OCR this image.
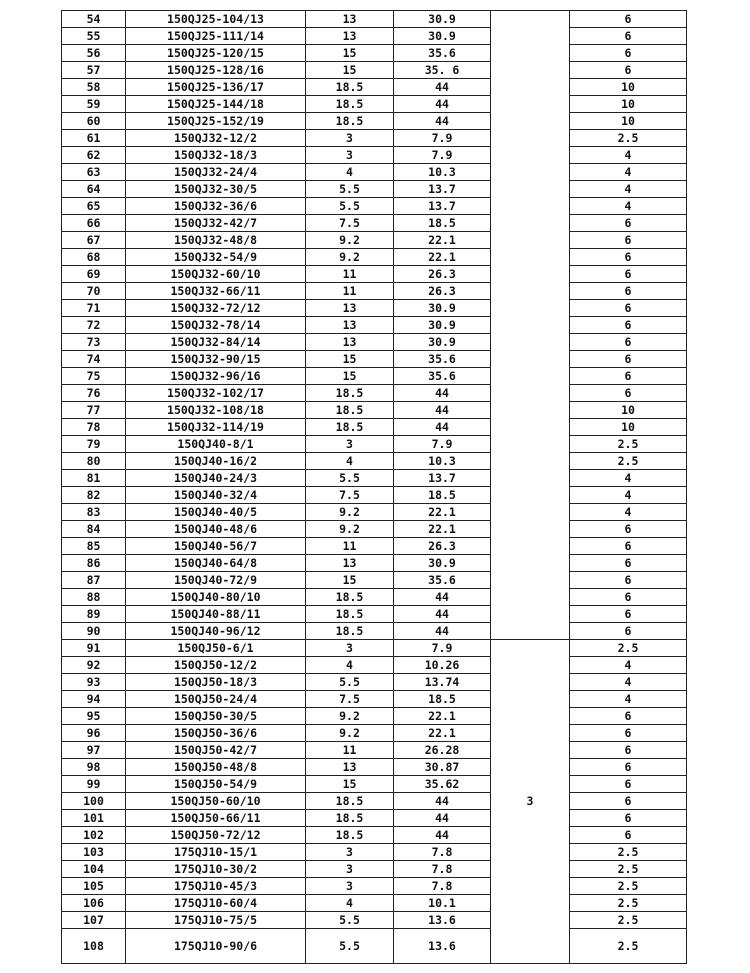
54	150QJ25-104/13	13	30.9		6
55	150QJ25-111/14	13	30.9		6
56	150QJ25-120/15	15	35.6		6
57	150QJ25-128/16	15	35. 6		6
58	150QJ25-136/17	18.5	44		10
59	150QJ25-144/18	18.5	44		10
60	150QJ25-152/19	18.5	44		10
61	150QJ32-12/2	3	7.9		2.5
62	150QJ32-18/3	3	7.9		4
63	150QJ32-24/4	4	10.3		4
64	150QJ32-30/5	5.5	13.7		4
65	150QJ32-36/6	5.5	13.7		4
66	150QJ32-42/7	7.5	18.5		6
67	150QJ32-48/8	9.2	22.1		6
68	150QJ32-54/9	9.2	22.1		6
69	150QJ32-60/10	11	26.3		6
70	150QJ32-66/11	11	26.3		6
71	150QJ32-72/12	13	30.9		6
72	150QJ32-78/14	13	30.9		6
73	150QJ32-84/14	13	30.9		6
74	150QJ32-90/15	15	35.6		6
75	150QJ32-96/16	15	35.6		6
76	150QJ32-102/17	18.5	44		6
77	150QJ32-108/18	18.5	44		10
78	150QJ32-114/19	18.5	44		10
79	150QJ40-8/1	3	7.9		2.5
80	150QJ40-16/2	4	10.3		2.5
81	150QJ40-24/3	5.5	13.7		4
82	150QJ40-32/4	7.5	18.5		4
83	150QJ40-40/5	9.2	22.1		4
84	150QJ40-48/6	9.2	22.1		6
85	150QJ40-56/7	11	26.3		6
86	150QJ40-64/8	13	30.9		6
87	150QJ40-72/9	15	35.6		6
88	150QJ40-80/10	18.5	44		6
89	150QJ40-88/11	18.5	44		6
90	150QJ40-96/12	18.5	44		6
91	150QJ50-6/1	3	7.9	3	2.5
92	150QJ50-12/2	4	10.26		4
93	150QJ50-18/3	5.5	13.74		4
94	150QJ50-24/4	7.5	18.5		4
95	150QJ50-30/5	9.2	22.1		6
96	150QJ50-36/6	9.2	22.1		6
97	150QJ50-42/7	11	26.28		6
98	150QJ50-48/8	13	30.87		6
99	150QJ50-54/9	15	35.62		6
100	150QJ50-60/10	18.5	44		6
101	150QJ50-66/11	18.5	44		6
102	150QJ50-72/12	18.5	44		6
103	175QJ10-15/1	3	7.8		2.5
104	175QJ10-30/2	3	7.8		2.5
105	175QJ10-45/3	3	7.8		2.5
106	175QJ10-60/4	4	10.1		2.5
107	175QJ10-75/5	5.5	13.6		2.5
108	175QJ10-90/6	5.5	13.6		2.5
